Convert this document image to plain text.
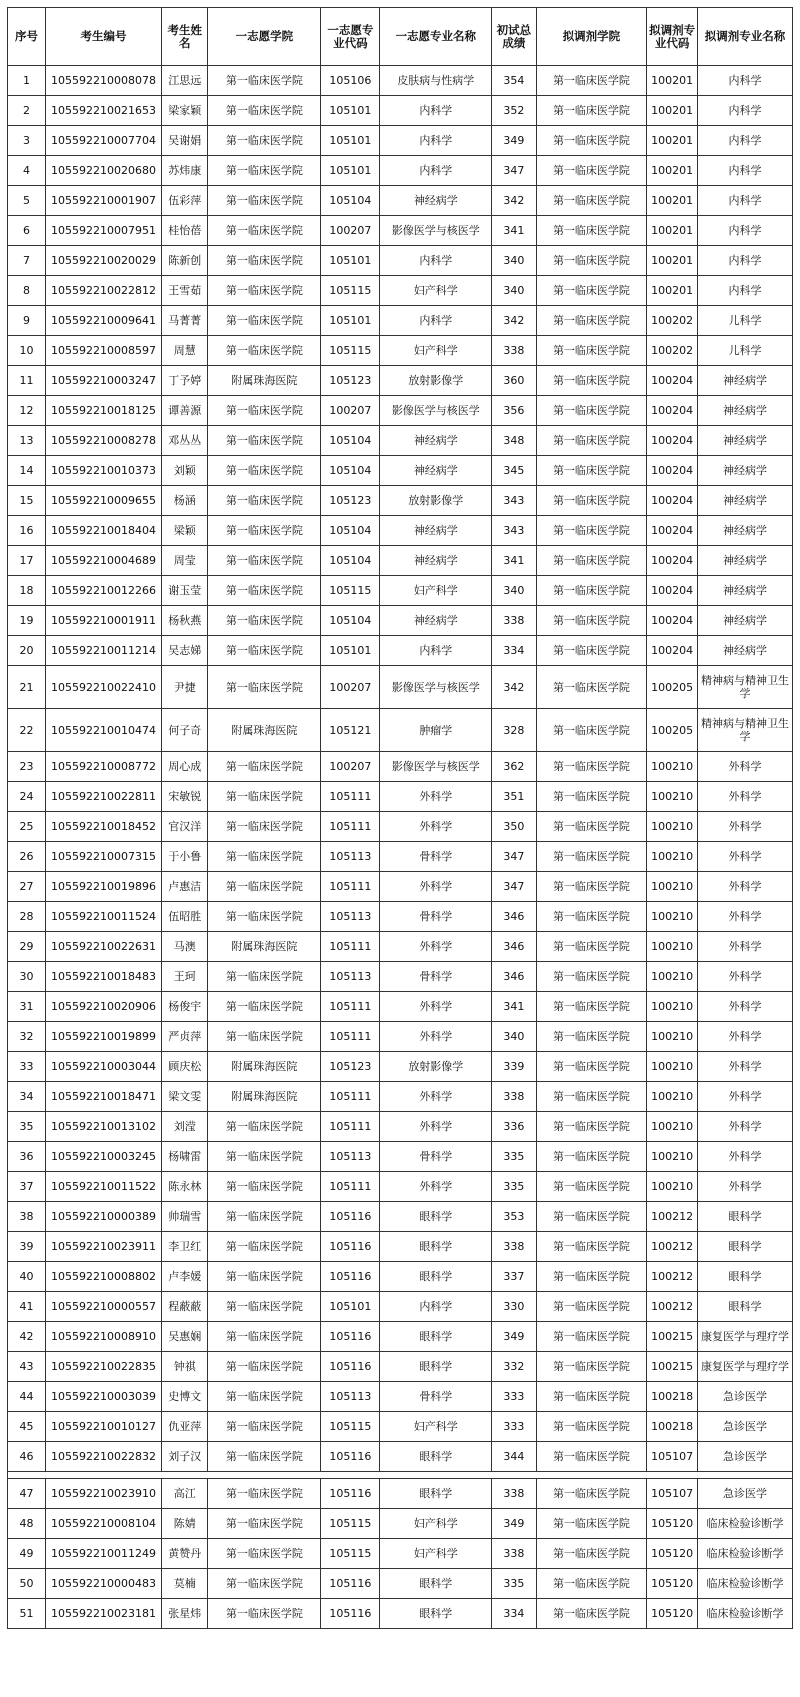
序号	考生编号	考生姓名	一志愿学院	一志愿专业代码	一志愿专业名称	初试总成绩	拟调剂学院	拟调剂专业代码	拟调剂专业名称
1	105592210008078	江思远	第一临床医学院	105106	皮肤病与性病学	354	第一临床医学院	100201	内科学
2	105592210021653	梁家颖	第一临床医学院	105101	内科学	352	第一临床医学院	100201	内科学
3	105592210007704	吴谢娟	第一临床医学院	105101	内科学	349	第一临床医学院	100201	内科学
4	105592210020680	苏炜康	第一临床医学院	105101	内科学	347	第一临床医学院	100201	内科学
5	105592210001907	伍彩萍	第一临床医学院	105104	神经病学	342	第一临床医学院	100201	内科学
6	105592210007951	桂怡蓓	第一临床医学院	100207	影像医学与核医学	341	第一临床医学院	100201	内科学
7	105592210020029	陈新创	第一临床医学院	105101	内科学	340	第一临床医学院	100201	内科学
8	105592210022812	王雪茹	第一临床医学院	105115	妇产科学	340	第一临床医学院	100201	内科学
9	105592210009641	马菁菁	第一临床医学院	105101	内科学	342	第一临床医学院	100202	儿科学
10	105592210008597	周慧	第一临床医学院	105115	妇产科学	338	第一临床医学院	100202	儿科学
11	105592210003247	丁予婷	附属珠海医院	105123	放射影像学	360	第一临床医学院	100204	神经病学
12	105592210018125	谭善源	第一临床医学院	100207	影像医学与核医学	356	第一临床医学院	100204	神经病学
13	105592210008278	邓丛丛	第一临床医学院	105104	神经病学	348	第一临床医学院	100204	神经病学
14	105592210010373	刘颖	第一临床医学院	105104	神经病学	345	第一临床医学院	100204	神经病学
15	105592210009655	杨涵	第一临床医学院	105123	放射影像学	343	第一临床医学院	100204	神经病学
16	105592210018404	梁颖	第一临床医学院	105104	神经病学	343	第一临床医学院	100204	神经病学
17	105592210004689	周莹	第一临床医学院	105104	神经病学	341	第一临床医学院	100204	神经病学
18	105592210012266	谢玉莹	第一临床医学院	105115	妇产科学	340	第一临床医学院	100204	神经病学
19	105592210001911	杨秋燕	第一临床医学院	105104	神经病学	338	第一临床医学院	100204	神经病学
20	105592210011214	吴志娣	第一临床医学院	105101	内科学	334	第一临床医学院	100204	神经病学
21	105592210022410	尹捷	第一临床医学院	100207	影像医学与核医学	342	第一临床医学院	100205	精神病与精神卫生学
22	105592210010474	何子奇	附属珠海医院	105121	肿瘤学	328	第一临床医学院	100205	精神病与精神卫生学
23	105592210008772	周心成	第一临床医学院	100207	影像医学与核医学	362	第一临床医学院	100210	外科学
24	105592210022811	宋敏锐	第一临床医学院	105111	外科学	351	第一临床医学院	100210	外科学
25	105592210018452	官汉洋	第一临床医学院	105111	外科学	350	第一临床医学院	100210	外科学
26	105592210007315	于小鲁	第一临床医学院	105113	骨科学	347	第一临床医学院	100210	外科学
27	105592210019896	卢惠洁	第一临床医学院	105111	外科学	347	第一临床医学院	100210	外科学
28	105592210011524	伍昭胜	第一临床医学院	105113	骨科学	346	第一临床医学院	100210	外科学
29	105592210022631	马澳	附属珠海医院	105111	外科学	346	第一临床医学院	100210	外科学
30	105592210018483	王珂	第一临床医学院	105113	骨科学	346	第一临床医学院	100210	外科学
31	105592210020906	杨俊宇	第一临床医学院	105111	外科学	341	第一临床医学院	100210	外科学
32	105592210019899	严贞萍	第一临床医学院	105111	外科学	340	第一临床医学院	100210	外科学
33	105592210003044	顾庆松	附属珠海医院	105123	放射影像学	339	第一临床医学院	100210	外科学
34	105592210018471	梁文雯	附属珠海医院	105111	外科学	338	第一临床医学院	100210	外科学
35	105592210013102	刘滢	第一临床医学院	105111	外科学	336	第一临床医学院	100210	外科学
36	105592210003245	杨啸雷	第一临床医学院	105113	骨科学	335	第一临床医学院	100210	外科学
37	105592210011522	陈永林	第一临床医学院	105111	外科学	335	第一临床医学院	100210	外科学
38	105592210000389	帅瑞雪	第一临床医学院	105116	眼科学	353	第一临床医学院	100212	眼科学
39	105592210023911	李卫红	第一临床医学院	105116	眼科学	338	第一临床医学院	100212	眼科学
40	105592210008802	卢李媛	第一临床医学院	105116	眼科学	337	第一临床医学院	100212	眼科学
41	105592210000557	程蔽蔽	第一临床医学院	105101	内科学	330	第一临床医学院	100212	眼科学
42	105592210008910	吴惠娴	第一临床医学院	105116	眼科学	349	第一临床医学院	100215	康复医学与理疗学
43	105592210022835	钟祺	第一临床医学院	105116	眼科学	332	第一临床医学院	100215	康复医学与理疗学
44	105592210003039	史博文	第一临床医学院	105113	骨科学	333	第一临床医学院	100218	急诊医学
45	105592210010127	仇亚萍	第一临床医学院	105115	妇产科学	333	第一临床医学院	100218	急诊医学
46	105592210022832	刘子汉	第一临床医学院	105116	眼科学	344	第一临床医学院	105107	急诊医学

47	105592210023910	高江	第一临床医学院	105116	眼科学	338	第一临床医学院	105107	急诊医学
48	105592210008104	陈婧	第一临床医学院	105115	妇产科学	349	第一临床医学院	105120	临床检验诊断学
49	105592210011249	黄赞丹	第一临床医学院	105115	妇产科学	338	第一临床医学院	105120	临床检验诊断学
50	105592210000483	莫楠	第一临床医学院	105116	眼科学	335	第一临床医学院	105120	临床检验诊断学
51	105592210023181	张星炜	第一临床医学院	105116	眼科学	334	第一临床医学院	105120	临床检验诊断学
